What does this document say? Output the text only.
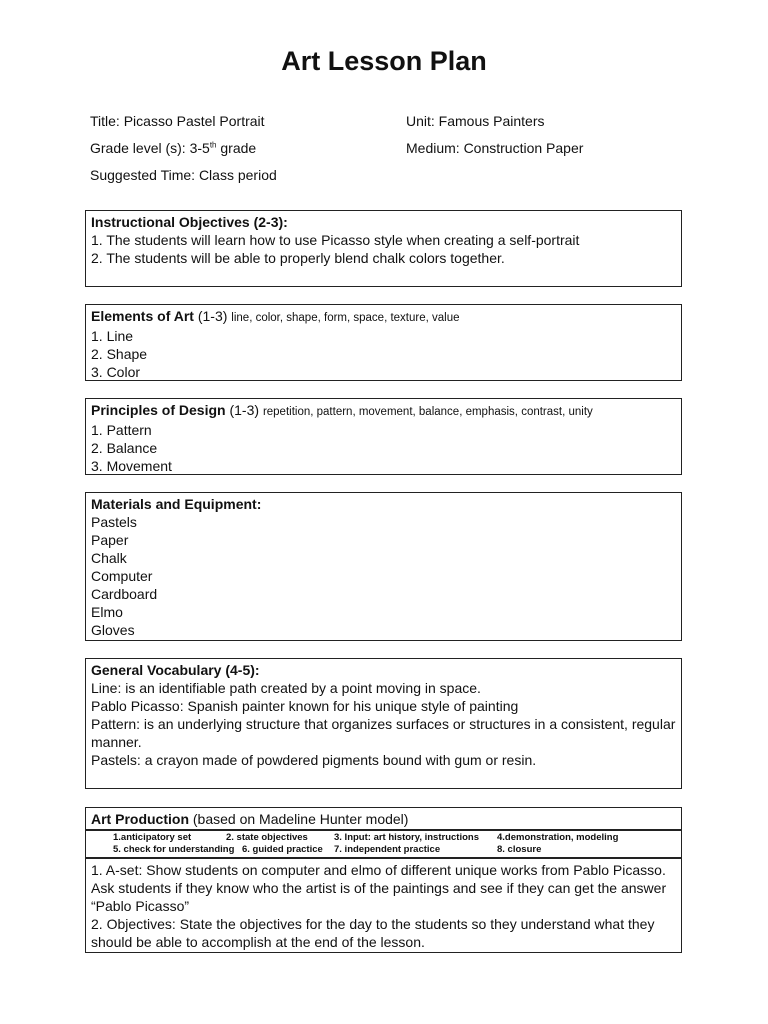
Art Lesson Plan
Title: Picasso Pastel Portrait	Unit: Famous Painters
Grade level (s): 3-5th grade	Medium: Construction Paper
Suggested Time: Class period
Instructional Objectives (2-3):
1. The students will learn how to use Picasso style when creating a self-portrait
2. The students will be able to properly blend chalk colors together.
Elements of Art (1-3) line, color, shape, form, space, texture, value
1. Line
2. Shape
3. Color
Principles of Design (1-3) repetition, pattern, movement, balance, emphasis, contrast, unity
1. Pattern
2. Balance
3. Movement
Materials and Equipment:
Pastels
Paper
Chalk
Computer
Cardboard
Elmo
Gloves
General Vocabulary (4-5):
Line: is an identifiable path created by a point moving in space.
Pablo Picasso: Spanish painter known for his unique style of painting
Pattern: is an underlying structure that organizes surfaces or structures in a consistent, regular manner.
Pastels: a crayon made of powdered pigments bound with gum or resin.
Art Production (based on Madeline Hunter model)
1.anticipatory set	2. state objectives	3. Input: art history, instructions	4.demonstration, modeling
5. check for understanding 6. guided practice	7. independent practice	8. closure
1. A-set: Show students on computer and elmo of different unique works from Pablo Picasso. Ask students if they know who the artist is of the paintings and see if they can get the answer “Pablo Picasso”
2. Objectives: State the objectives for the day to the students so they understand what they should be able to accomplish at the end of the lesson.
